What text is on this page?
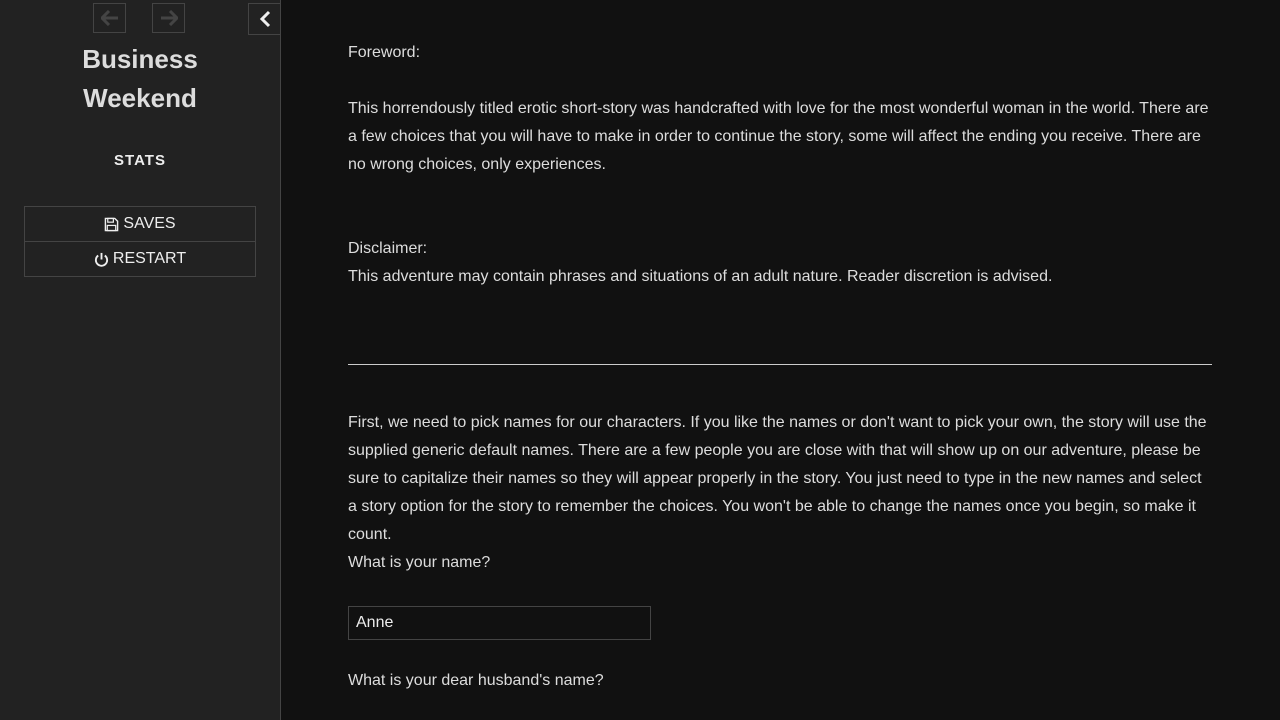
Business
Weekend
STATS
SAVES
RESTART

Foreword:

This horrendously titled erotic short-story was handcrafted with love for the most wonderful woman in the world. There are a few choices that you will have to make in order to continue the story, some will affect the ending you receive. There are no wrong choices, only experiences.

Disclaimer:

This adventure may contain phrases and situations of an adult nature. Reader discretion is advised.

First, we need to pick names for our characters. If you like the names or don't want to pick your own, the story will use the supplied generic default names. There are a few people you are close with that will show up on our adventure, please be sure to capitalize their names so they will appear properly in the story. You just need to type in the new names and select a story option for the story to remember the choices. You won't be able to change the names once you begin, so make it count.

What is your name?

Anne

What is your dear husband's name?
